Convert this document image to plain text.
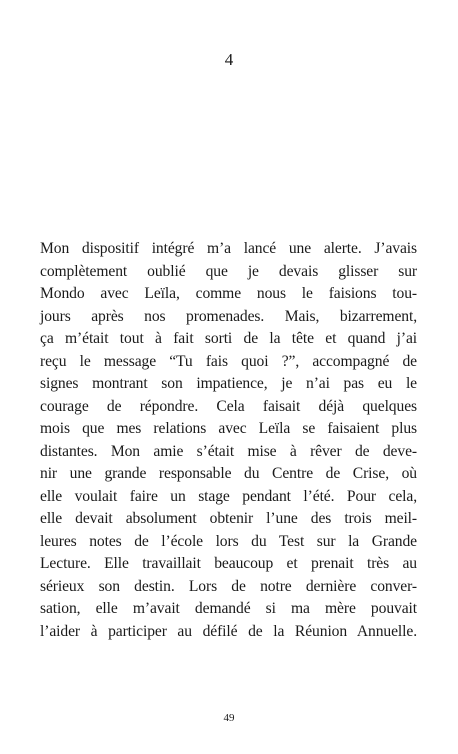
4
Mon dispositif intégré m’a lancé une alerte. J’avais
complètement oublié que je devais glisser sur
Mondo avec Leïla, comme nous le faisions tou-
jours après nos promenades. Mais, bizarrement,
ça m’était tout à fait sorti de la tête et quand j’ai
reçu le message “Tu fais quoi ?”, accompagné de
signes montrant son impatience, je n’ai pas eu le
courage de répondre. Cela faisait déjà quelques
mois que mes relations avec Leïla se faisaient plus
distantes. Mon amie s’était mise à rêver de deve-
nir une grande responsable du Centre de Crise, où
elle voulait faire un stage pendant l’été. Pour cela,
elle devait absolument obtenir l’une des trois meil-
leures notes de l’école lors du Test sur la Grande
Lecture. Elle travaillait beaucoup et prenait très au
sérieux son destin. Lors de notre dernière conver-
sation, elle m’avait demandé si ma mère pouvait
l’aider à participer au défilé de la Réunion Annuelle.
49
